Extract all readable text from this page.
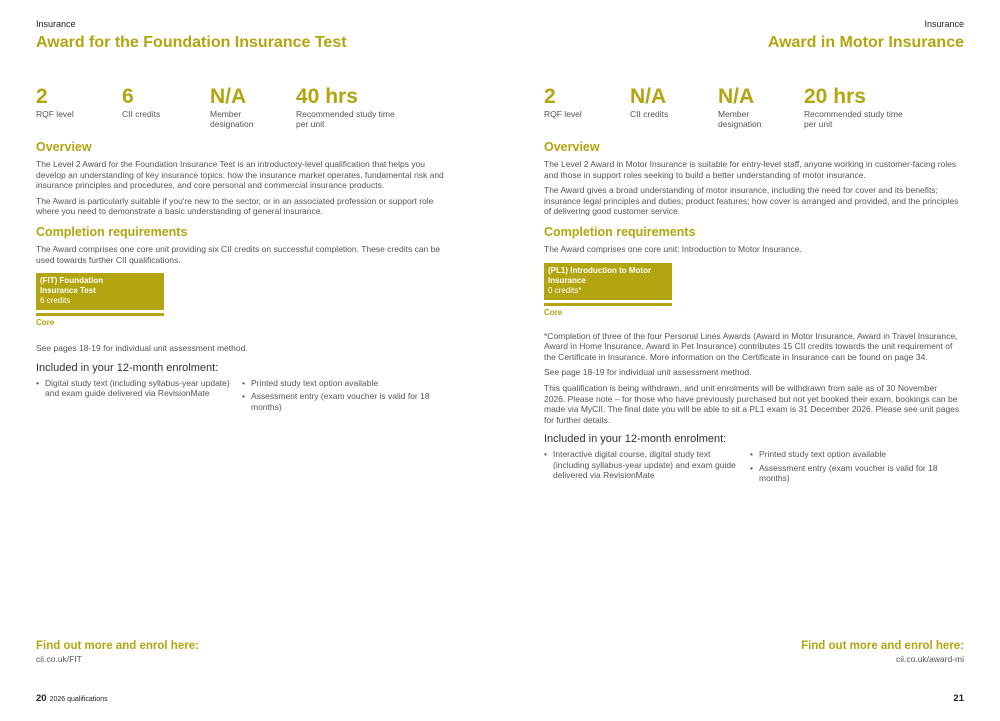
Insurance
Award for the Foundation Insurance Test
2
RQF level
6
CII credits
N/A
Member designation
40 hrs
Recommended study time per unit
Overview

The Level 2 Award for the Foundation Insurance Test is an introductory-level qualification that helps you develop an understanding of key insurance topics: how the insurance market operates, fundamental risk and insurance principles and procedures, and core personal and commercial insurance products.

The Award is particularly suitable if you're new to the sector, or in an associated profession or support role where you need to demonstrate a basic understanding of general insurance.

Completion requirements

The Award comprises one core unit providing six CII credits on successful completion. These credits can be used towards further CII qualifications.

(FIT) Foundation Insurance Test
6 credits
Core

See pages 18-19 for individual unit assessment method.

Included in your 12-month enrolment:
• Digital study text (including syllabus-year update) and exam guide delivered via RevisionMate
• Printed study text option available
• Assessment entry (exam voucher is valid for 18 months)
Find out more and enrol here:
cii.co.uk/FIT
20 2026 qualifications
Insurance
Award in Motor Insurance
2
RQF level
N/A
CII credits
N/A
Member designation
20 hrs
Recommended study time per unit
Overview

The Level 2 Award in Motor Insurance is suitable for entry-level staff, anyone working in customer-facing roles and those in support roles seeking to build a better understanding of motor insurance.

The Award gives a broad understanding of motor insurance, including the need for cover and its benefits; insurance legal principles and duties; product features; how cover is arranged and provided, and the principles of delivering good customer service.

Completion requirements

The Award comprises one core unit: Introduction to Motor Insurance.

(PL1) Introduction to Motor Insurance
0 credits*
Core

*Completion of three of the four Personal Lines Awards (Award in Motor Insurance, Award in Travel Insurance, Award in Home Insurance, Award in Pet Insurance) contributes 15 CII credits towards the unit requirement of the Certificate in Insurance. More information on the Certificate in Insurance can be found on page 34.

See page 18-19 for individual unit assessment method.

This qualification is being withdrawn, and unit enrolments will be withdrawn from sale as of 30 November 2026. Please note – for those who have previously purchased but not yet booked their exam, bookings can be made via MyCII. The final date you will be able to sit a PL1 exam is 31 December 2026. Please see unit pages for further details.

Included in your 12-month enrolment:
• Interactive digital course, digital study text (including syllabus-year update) and exam guide delivered via RevisionMate
• Printed study text option available
• Assessment entry (exam voucher is valid for 18 months)
Find out more and enrol here:
cii.co.uk/award-mi
21
